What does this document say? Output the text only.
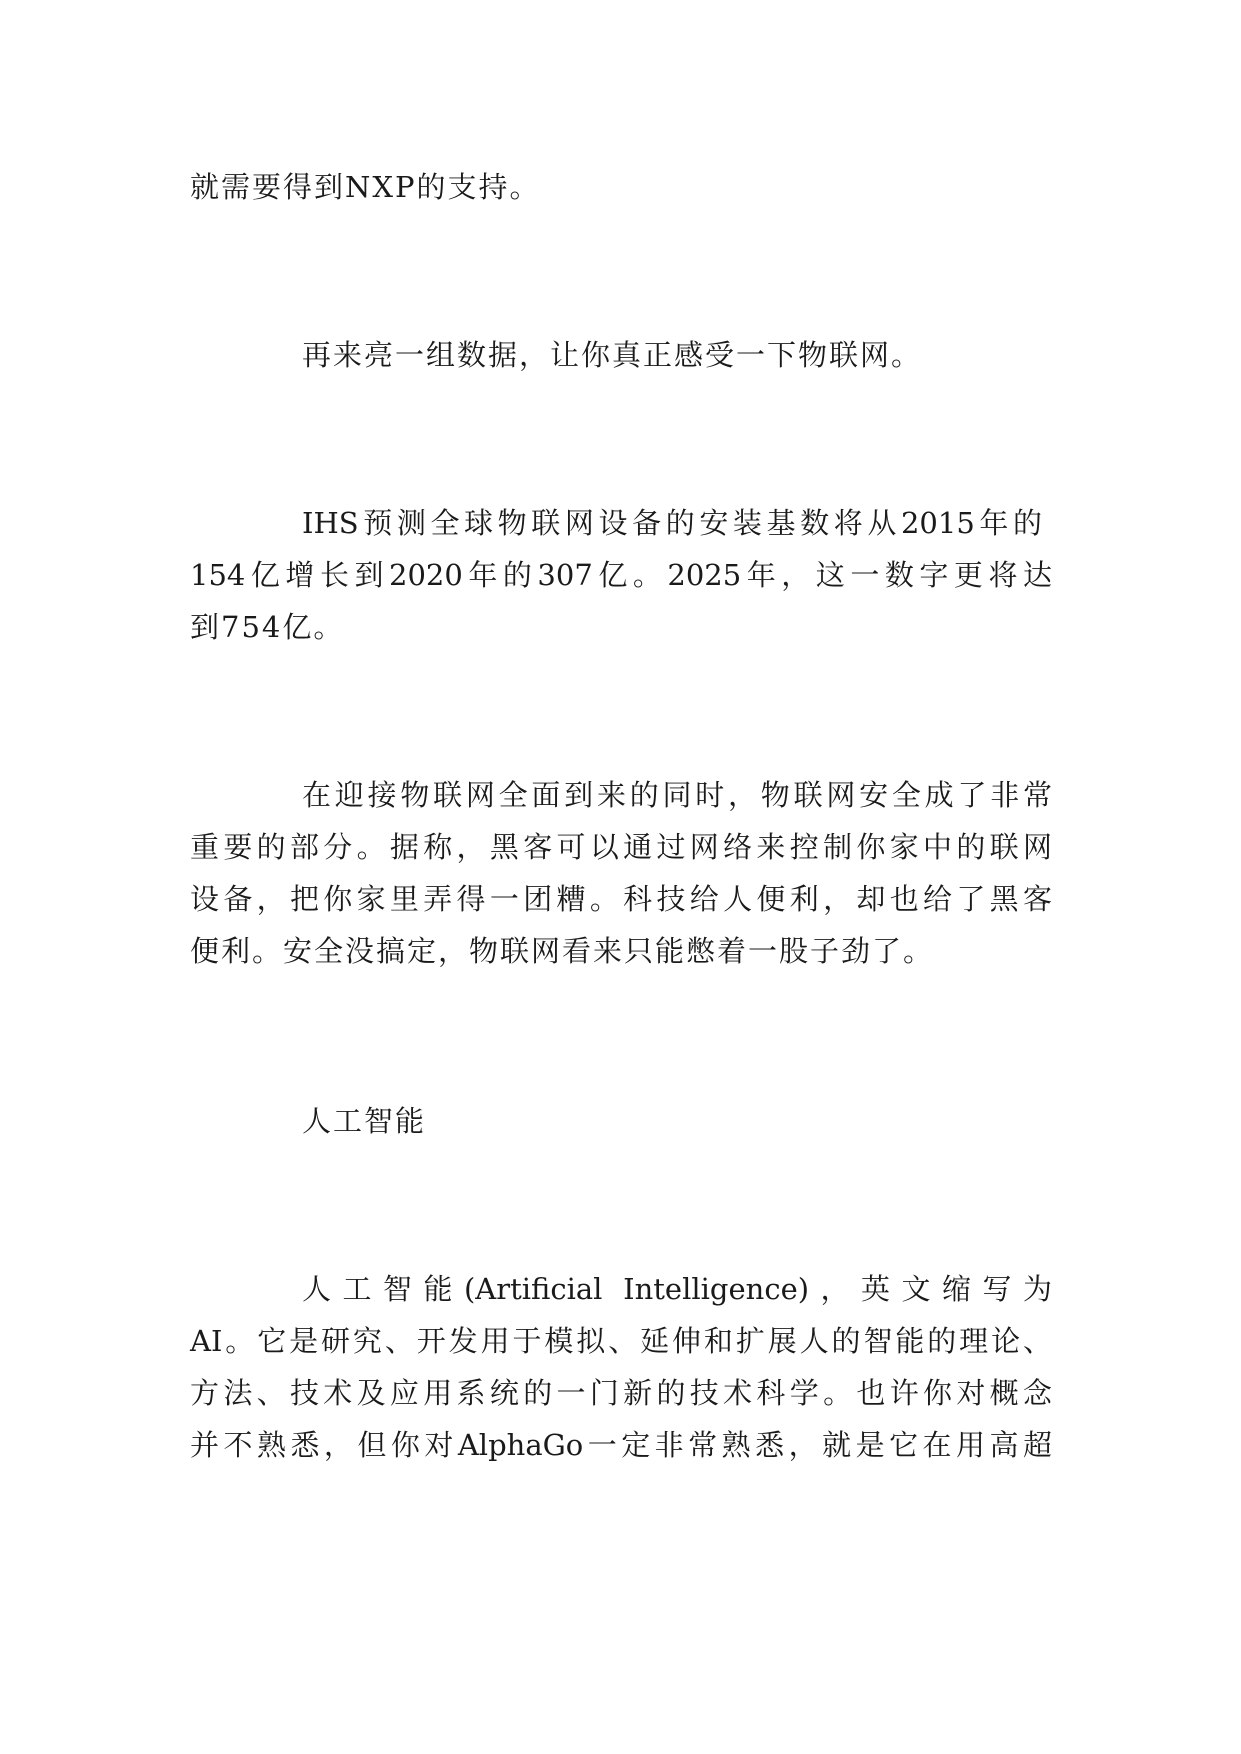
就需要得到NXP的支持。

再来亮一组数据，让你真正感受一下物联网。

IHS预测全球物联网设备的安装基数将从2015年的

154亿增长到2020年的307亿。2025年，这一数字更将达

到754亿。

在迎接物联网全面到来的同时，物联网安全成了非常

重要的部分。据称，黑客可以通过网络来控制你家中的联网

设备，把你家里弄得一团糟。科技给人便利，却也给了黑客

便利。安全没搞定，物联网看来只能憋着一股子劲了。

人工智能

人工智能(Artificial Intelligence)，英文缩写为

AI。它是研究、开发用于模拟、延伸和扩展人的智能的理论、

方法、技术及应用系统的一门新的技术科学。也许你对概念

并不熟悉，但你对AlphaGo一定非常熟悉，就是它在用高超
